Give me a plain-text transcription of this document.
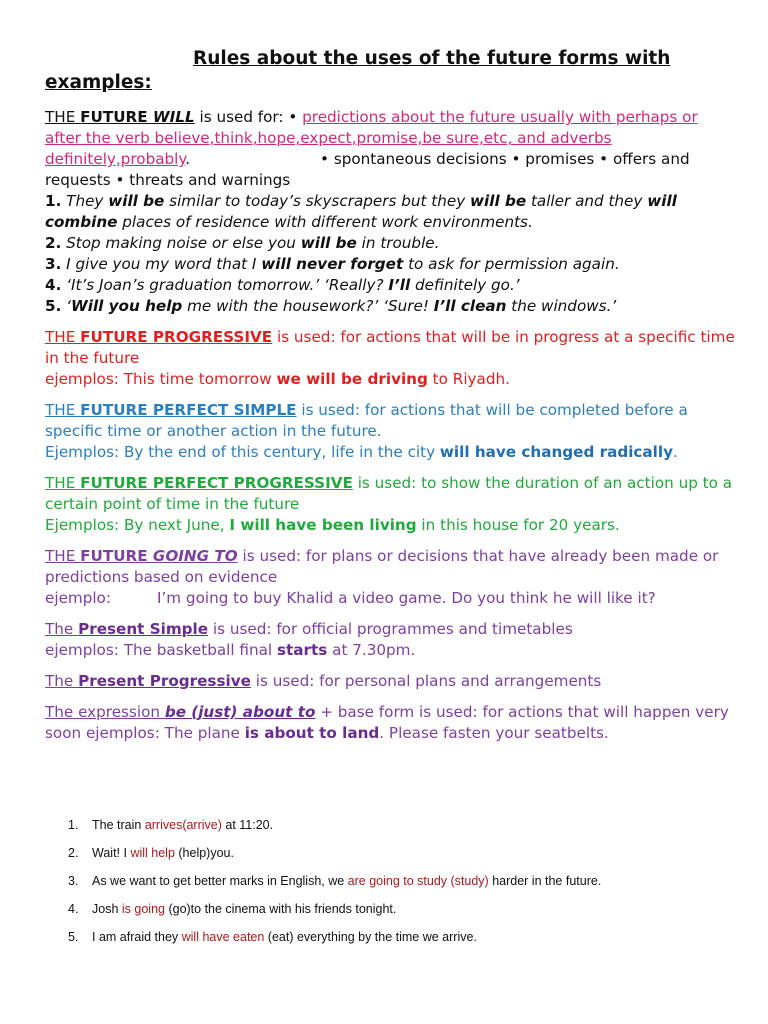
Rules about the uses of the future forms with
examples:
THE FUTURE WILL is used for: • predictions about the future usually with perhaps or after the verb believe,think,hope,expect,promise,be sure,etc, and adverbs definitely,probably.	• spontaneous decisions • promises • offers and requests • threats and warnings
1. They will be similar to today’s skyscrapers but they will be taller and they will combine places of residence with different work environments.
2. Stop making noise or else you will be in trouble.
3. I give you my word that I will never forget to ask for permission again.
4. ‘It’s Joan’s graduation tomorrow.’ ‘Really? I’ll definitely go.’
5. ‘Will you help me with the housework?’ ‘Sure! I’ll clean the windows.’
THE FUTURE PROGRESSIVE is used: for actions that will be in progress at a specific time in the future
ejemplos: This time tomorrow we will be driving to Riyadh.
THE FUTURE PERFECT SIMPLE is used: for actions that will be completed before a specific time or another action in the future.
Ejemplos: By the end of this century, life in the city will have changed radically.
THE FUTURE PERFECT PROGRESSIVE is used: to show the duration of an action up to a certain point of time in the future
Ejemplos: By next June, I will have been living in this house for 20 years.
THE FUTURE GOING TO is used: for plans or decisions that have already been made or predictions based on evidence
ejemplo:	I’m going to buy Khalid a video game. Do you think he will like it?
The Present Simple is used: for official programmes and timetables
ejemplos: The basketball final starts at 7.30pm.
The Present Progressive is used: for personal plans and arrangements
The expression be (just) about to + base form is used: for actions that will happen very soon ejemplos: The plane is about to land. Please fasten your seatbelts.
1.	The train arrives(arrive) at 11:20.
2.	Wait! I will help (help)you.
3.	As we want to get better marks in English, we are going to study (study) harder in the future.
4.	Josh is going (go)to the cinema with his friends tonight.
5.	I am afraid they will have eaten (eat) everything by the time we arrive.
